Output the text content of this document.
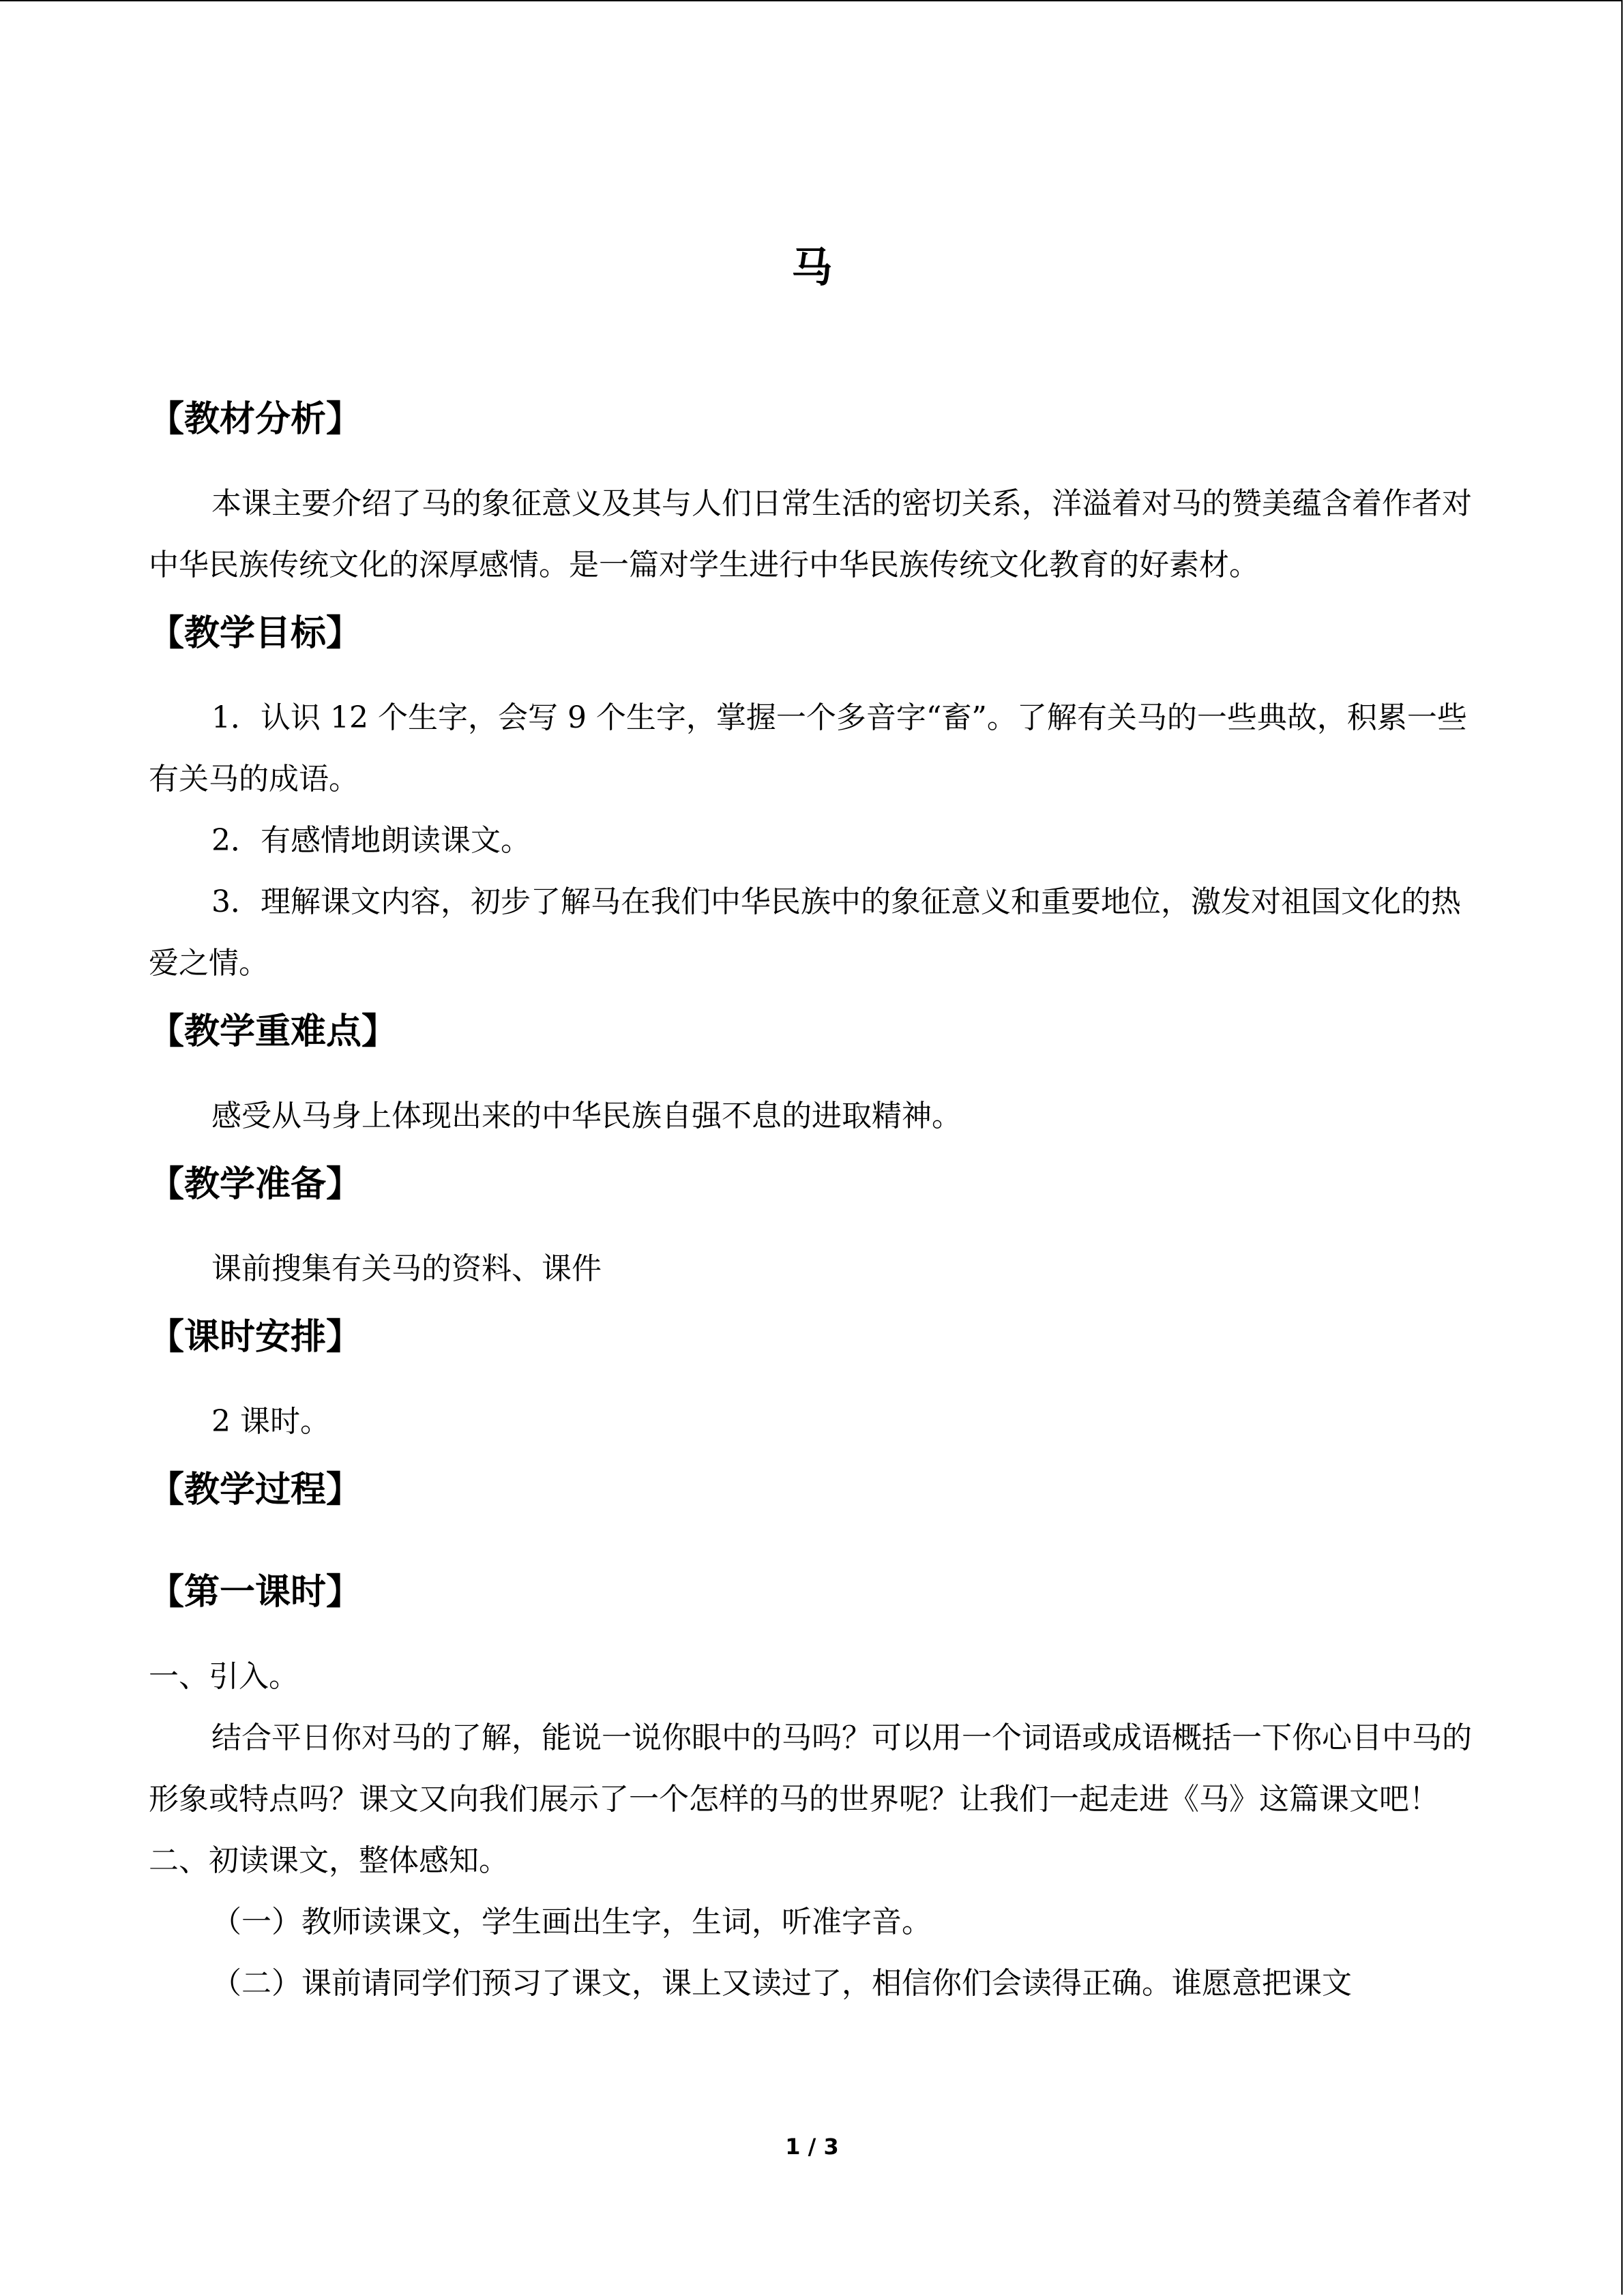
马
【教材分析】

本课主要介绍了马的象征意义及其与人们日常生活的密切关系，洋溢着对马的赞美蕴含着作者对中华民族传统文化的深厚感情。是一篇对学生进行中华民族传统文化教育的好素材。

【教学目标】

1．认识 12 个生字，会写 9 个生字，掌握一个多音字“畜”。了解有关马的一些典故，积累一些有关马的成语。

2．有感情地朗读课文。

3．理解课文内容，初步了解马在我们中华民族中的象征意义和重要地位，激发对祖国文化的热爱之情。

【教学重难点】

感受从马身上体现出来的中华民族自强不息的进取精神。

【教学准备】

课前搜集有关马的资料、课件

【课时安排】

2 课时。

【教学过程】
【第一课时】

一、引入。

结合平日你对马的了解，能说一说你眼中的马吗？可以用一个词语或成语概括一下你心目中马的形象或特点吗？课文又向我们展示了一个怎样的马的世界呢？让我们一起走进《马》这篇课文吧！

二、初读课文，整体感知。

（一）教师读课文，学生画出生字，生词，听准字音。

（二）课前请同学们预习了课文，课上又读过了，相信你们会读得正确。谁愿意把课文

1 / 3
